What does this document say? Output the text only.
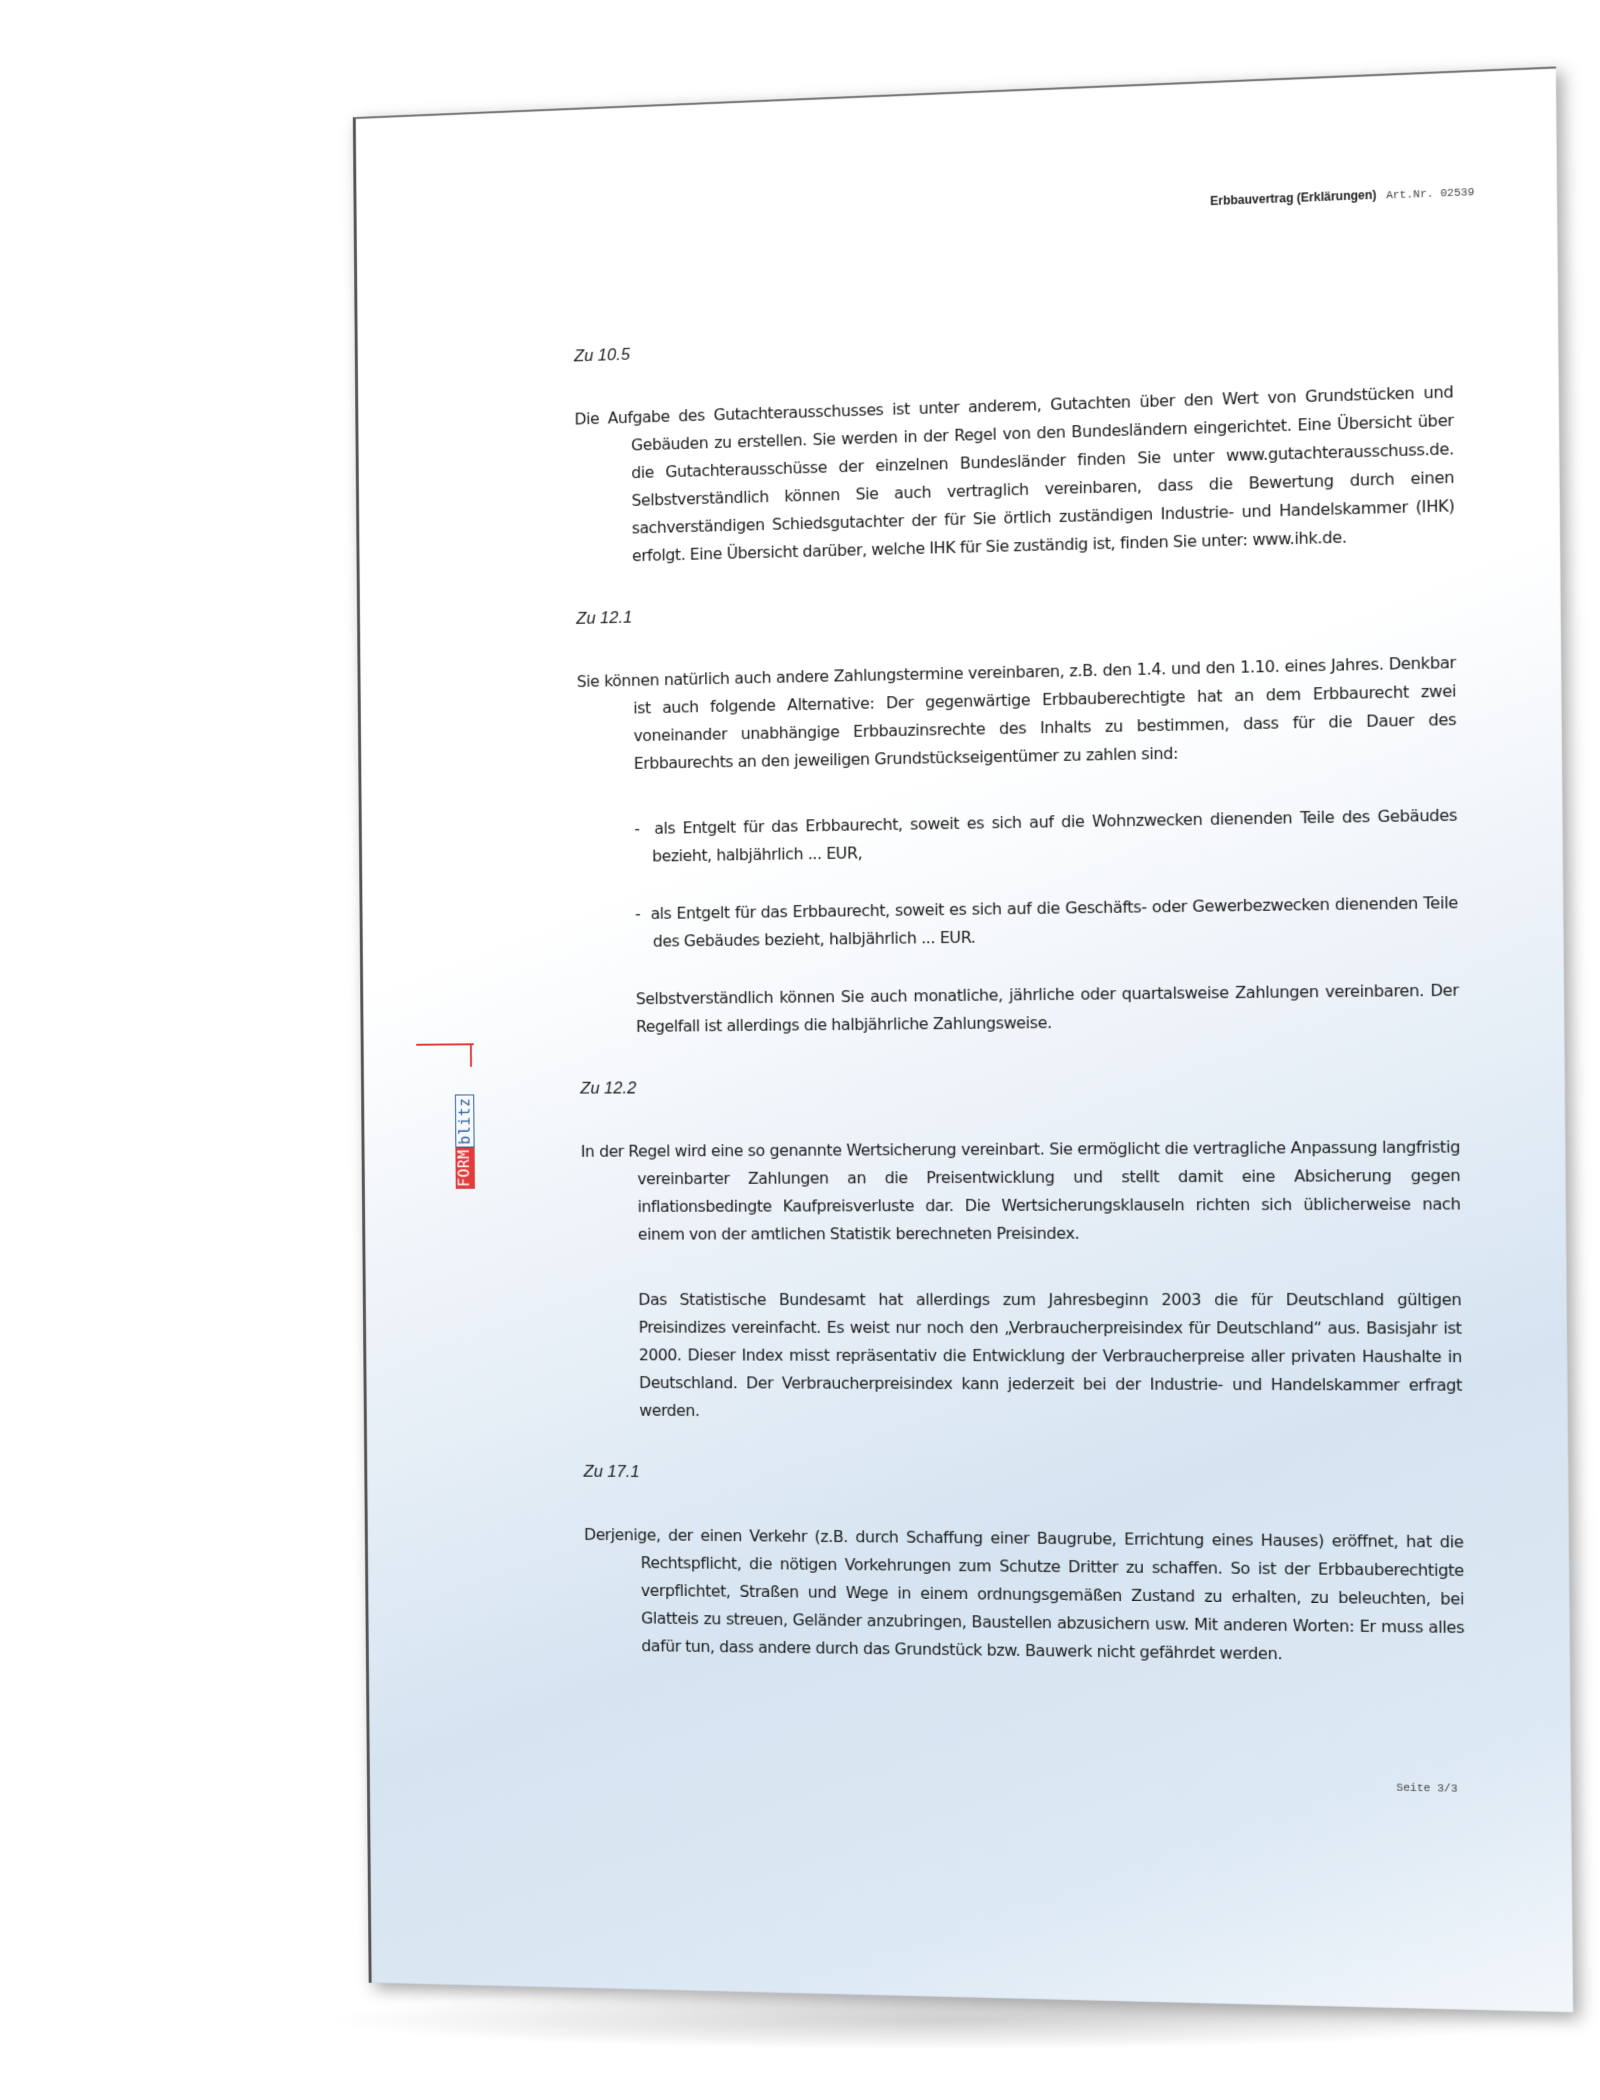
Erbbauvertrag (Erklärungen) Art.Nr. 02539
FORM
blitz
Zu 10.5

Die Aufgabe des Gutachterausschusses ist unter anderem, Gutachten über den Wert von Grundstücken und Gebäuden zu erstellen. Sie werden in der Regel von den Bundesländern eingerichtet. Eine Übersicht über die Gutachterausschüsse der einzelnen Bundesländer finden Sie unter www.gutachterausschuss.de. Selbstverständlich können Sie auch vertraglich vereinbaren, dass die Bewertung durch einen sachverständigen Schiedsgutachter der für Sie örtlich zuständigen Industrie- und Handelskammer (IHK) erfolgt. Eine Übersicht darüber, welche IHK für Sie zuständig ist, finden Sie unter: www.ihk.de.

Zu 12.1

Sie können natürlich auch andere Zahlungstermine vereinbaren, z.B. den 1.4. und den 1.10. eines Jahres. Denkbar ist auch folgende Alternative: Der gegenwärtige Erbbauberechtigte hat an dem Erbbaurecht zwei voneinander unabhängige Erbbauzinsrechte des Inhalts zu bestimmen, dass für die Dauer des Erbbaurechts an den jeweiligen Grundstückseigentümer zu zahlen sind:

-  als Entgelt für das Erbbaurecht, soweit es sich auf die Wohnzwecken dienenden Teile des Gebäudes bezieht, halbjährlich ... EUR,

-  als Entgelt für das Erbbaurecht, soweit es sich auf die Geschäfts- oder Gewerbezwecken dienenden Teile des Gebäudes bezieht, halbjährlich ... EUR.

Selbstverständlich können Sie auch monatliche, jährliche oder quartalsweise Zahlungen vereinbaren. Der Regelfall ist allerdings die halbjährliche Zahlungsweise.

Zu 12.2

In der Regel wird eine so genannte Wertsicherung vereinbart. Sie ermöglicht die vertragliche Anpassung langfristig vereinbarter Zahlungen an die Preisentwicklung und stellt damit eine Absicherung gegen inflationsbedingte Kaufpreisverluste dar. Die Wertsicherungsklauseln richten sich üblicherweise nach einem von der amtlichen Statistik berechneten Preisindex.

Das Statistische Bundesamt hat allerdings zum Jahresbeginn 2003 die für Deutschland gültigen Preisindizes vereinfacht. Es weist nur noch den „Verbraucherpreisindex für Deutschland“ aus. Basisjahr ist 2000. Dieser Index misst repräsentativ die Entwicklung der Verbraucherpreise aller privaten Haushalte in Deutschland. Der Verbraucherpreisindex kann jederzeit bei der Industrie- und Handelskammer erfragt werden.

Zu 17.1

Derjenige, der einen Verkehr (z.B. durch Schaffung einer Baugrube, Errichtung eines Hauses) eröffnet, hat die Rechtspflicht, die nötigen Vorkehrungen zum Schutze Dritter zu schaffen. So ist der Erbbauberechtigte verpflichtet, Straßen und Wege in einem ordnungsgemäßen Zustand zu erhalten, zu beleuchten, bei Glatteis zu streuen, Geländer anzubringen, Baustellen abzusichern usw. Mit anderen Worten: Er muss alles dafür tun, dass andere durch das Grundstück bzw. Bauwerk nicht gefährdet werden.

Seite 3/3
